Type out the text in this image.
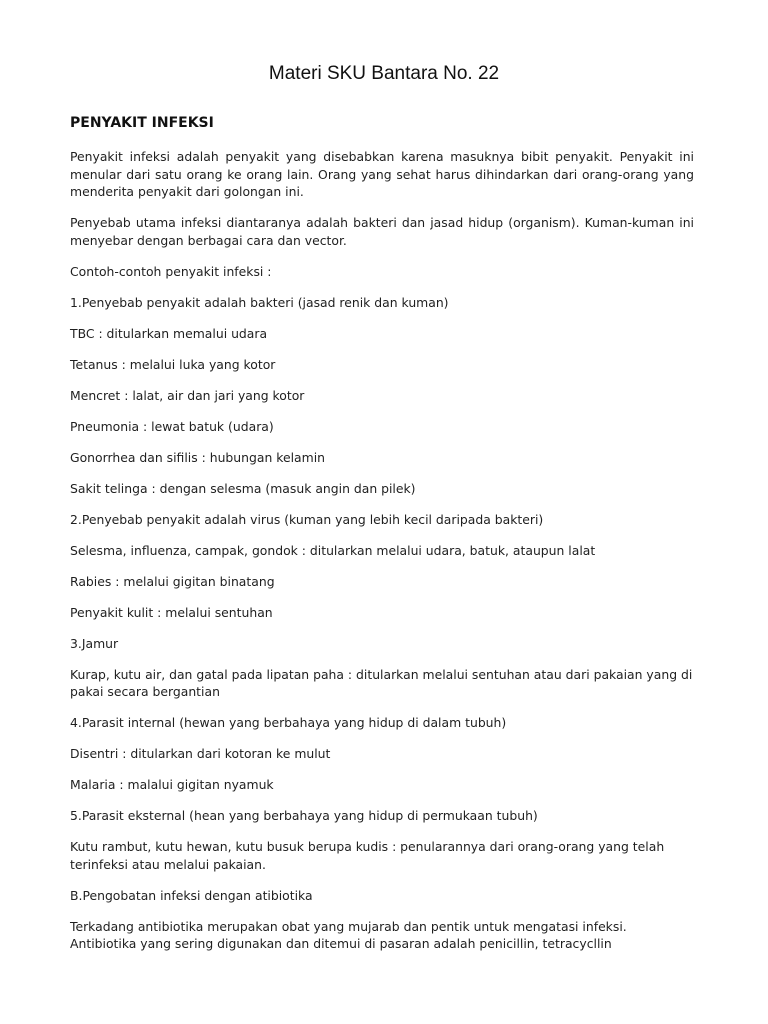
Materi SKU Bantara No. 22
PENYAKIT INFEKSI

Penyakit infeksi adalah penyakit yang disebabkan karena masuknya bibit penyakit. Penyakit ini menular dari satu orang ke orang lain. Orang yang sehat harus dihindarkan dari orang-orang yang menderita penyakit dari golongan ini.

Penyebab utama infeksi diantaranya adalah bakteri dan jasad hidup (organism). Kuman-kuman ini menyebar dengan berbagai cara dan vector.

Contoh-contoh penyakit infeksi :

1.Penyebab penyakit adalah bakteri (jasad renik dan kuman)

TBC : ditularkan memalui udara

Tetanus : melalui luka yang kotor

Mencret : lalat, air dan jari yang kotor

Pneumonia : lewat batuk (udara)

Gonorrhea dan sifilis : hubungan kelamin

Sakit telinga : dengan selesma (masuk angin dan pilek)

2.Penyebab penyakit adalah virus (kuman yang lebih kecil daripada bakteri)

Selesma, influenza, campak, gondok : ditularkan melalui udara, batuk, ataupun lalat

Rabies : melalui gigitan binatang

Penyakit kulit : melalui sentuhan

3.Jamur

Kurap, kutu air, dan gatal pada lipatan paha : ditularkan melalui sentuhan atau dari pakaian yang di pakai secara bergantian

4.Parasit internal (hewan yang berbahaya yang hidup di dalam tubuh)

Disentri : ditularkan dari kotoran ke mulut

Malaria : malalui gigitan nyamuk

5.Parasit eksternal (hean yang berbahaya yang hidup di permukaan tubuh)

Kutu rambut, kutu hewan, kutu busuk berupa kudis : penularannya dari orang-orang yang telah terinfeksi atau melalui pakaian.

B.Pengobatan infeksi dengan atibiotika

Terkadang antibiotika merupakan obat yang mujarab dan pentik untuk mengatasi infeksi. Antibiotika yang sering digunakan dan ditemui di pasaran adalah penicillin, tetracycllin
